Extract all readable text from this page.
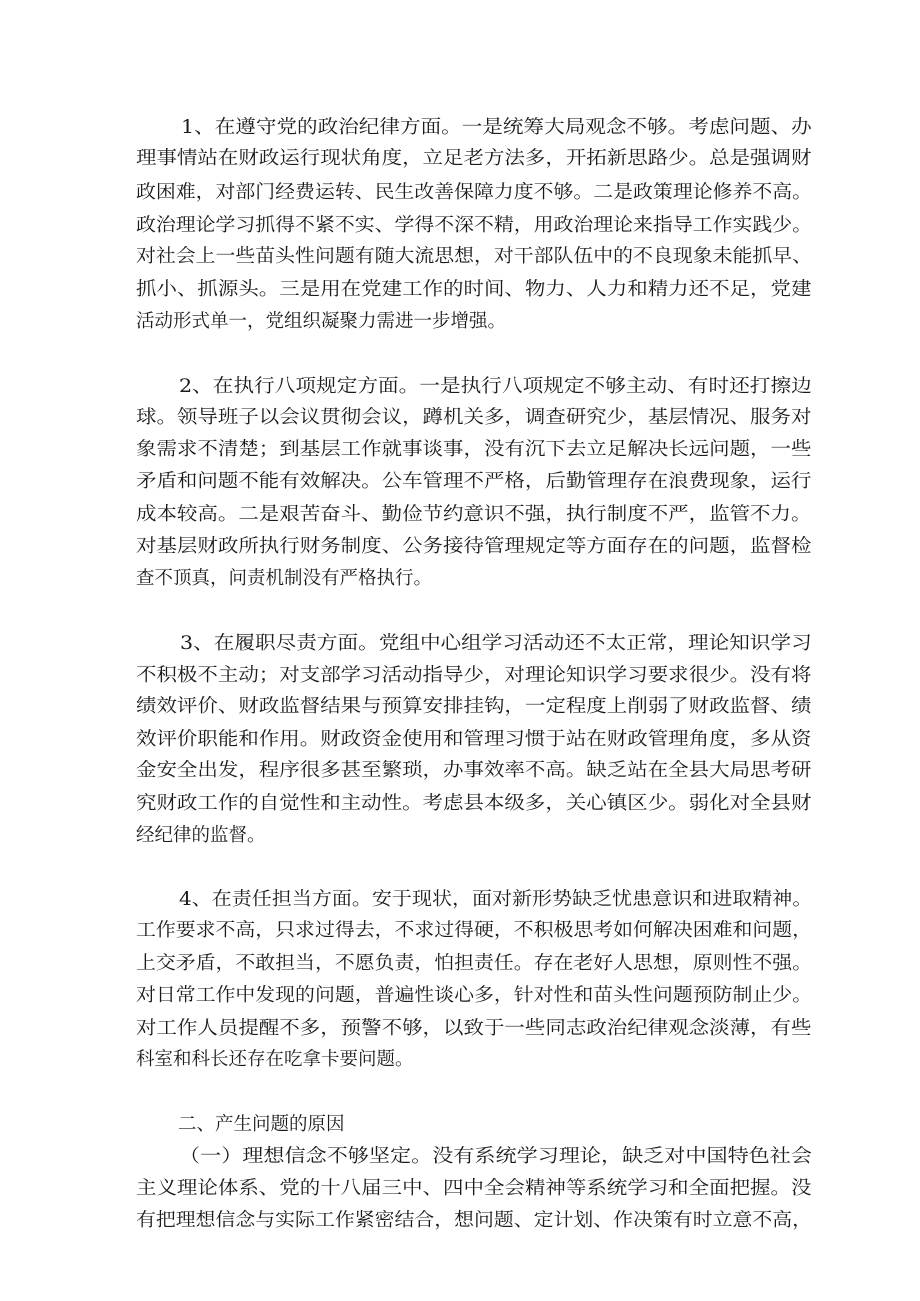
1、在遵守党的政治纪律方面。一是统筹大局观念不够。考虑问题、办

理事情站在财政运行现状角度，立足老方法多，开拓新思路少。总是强调财

政困难，对部门经费运转、民生改善保障力度不够。二是政策理论修养不高。

政治理论学习抓得不紧不实、学得不深不精，用政治理论来指导工作实践少。

对社会上一些苗头性问题有随大流思想，对干部队伍中的不良现象未能抓早、

抓小、抓源头。三是用在党建工作的时间、物力、人力和精力还不足，党建

活动形式单一，党组织凝聚力需进一步增强。

2、在执行八项规定方面。一是执行八项规定不够主动、有时还打擦边

球。领导班子以会议贯彻会议，蹲机关多，调查研究少，基层情况、服务对

象需求不清楚；到基层工作就事谈事，没有沉下去立足解决长远问题，一些

矛盾和问题不能有效解决。公车管理不严格，后勤管理存在浪费现象，运行

成本较高。二是艰苦奋斗、勤俭节约意识不强，执行制度不严，监管不力。

对基层财政所执行财务制度、公务接待管理规定等方面存在的问题，监督检

查不顶真，问责机制没有严格执行。

3、在履职尽责方面。党组中心组学习活动还不太正常，理论知识学习

不积极不主动；对支部学习活动指导少，对理论知识学习要求很少。没有将

绩效评价、财政监督结果与预算安排挂钩，一定程度上削弱了财政监督、绩

效评价职能和作用。财政资金使用和管理习惯于站在财政管理角度，多从资

金安全出发，程序很多甚至繁琐，办事效率不高。缺乏站在全县大局思考研

究财政工作的自觉性和主动性。考虑县本级多，关心镇区少。弱化对全县财

经纪律的监督。

4、在责任担当方面。安于现状，面对新形势缺乏忧患意识和进取精神。

工作要求不高，只求过得去，不求过得硬，不积极思考如何解决困难和问题，

上交矛盾，不敢担当，不愿负责，怕担责任。存在老好人思想，原则性不强。

对日常工作中发现的问题，普遍性谈心多，针对性和苗头性问题预防制止少。

对工作人员提醒不多，预警不够，以致于一些同志政治纪律观念淡薄，有些

科室和科长还存在吃拿卡要问题。

二、产生问题的原因

（一）理想信念不够坚定。没有系统学习理论，缺乏对中国特色社会

主义理论体系、党的十八届三中、四中全会精神等系统学习和全面把握。没

有把理想信念与实际工作紧密结合，想问题、定计划、作决策有时立意不高，
